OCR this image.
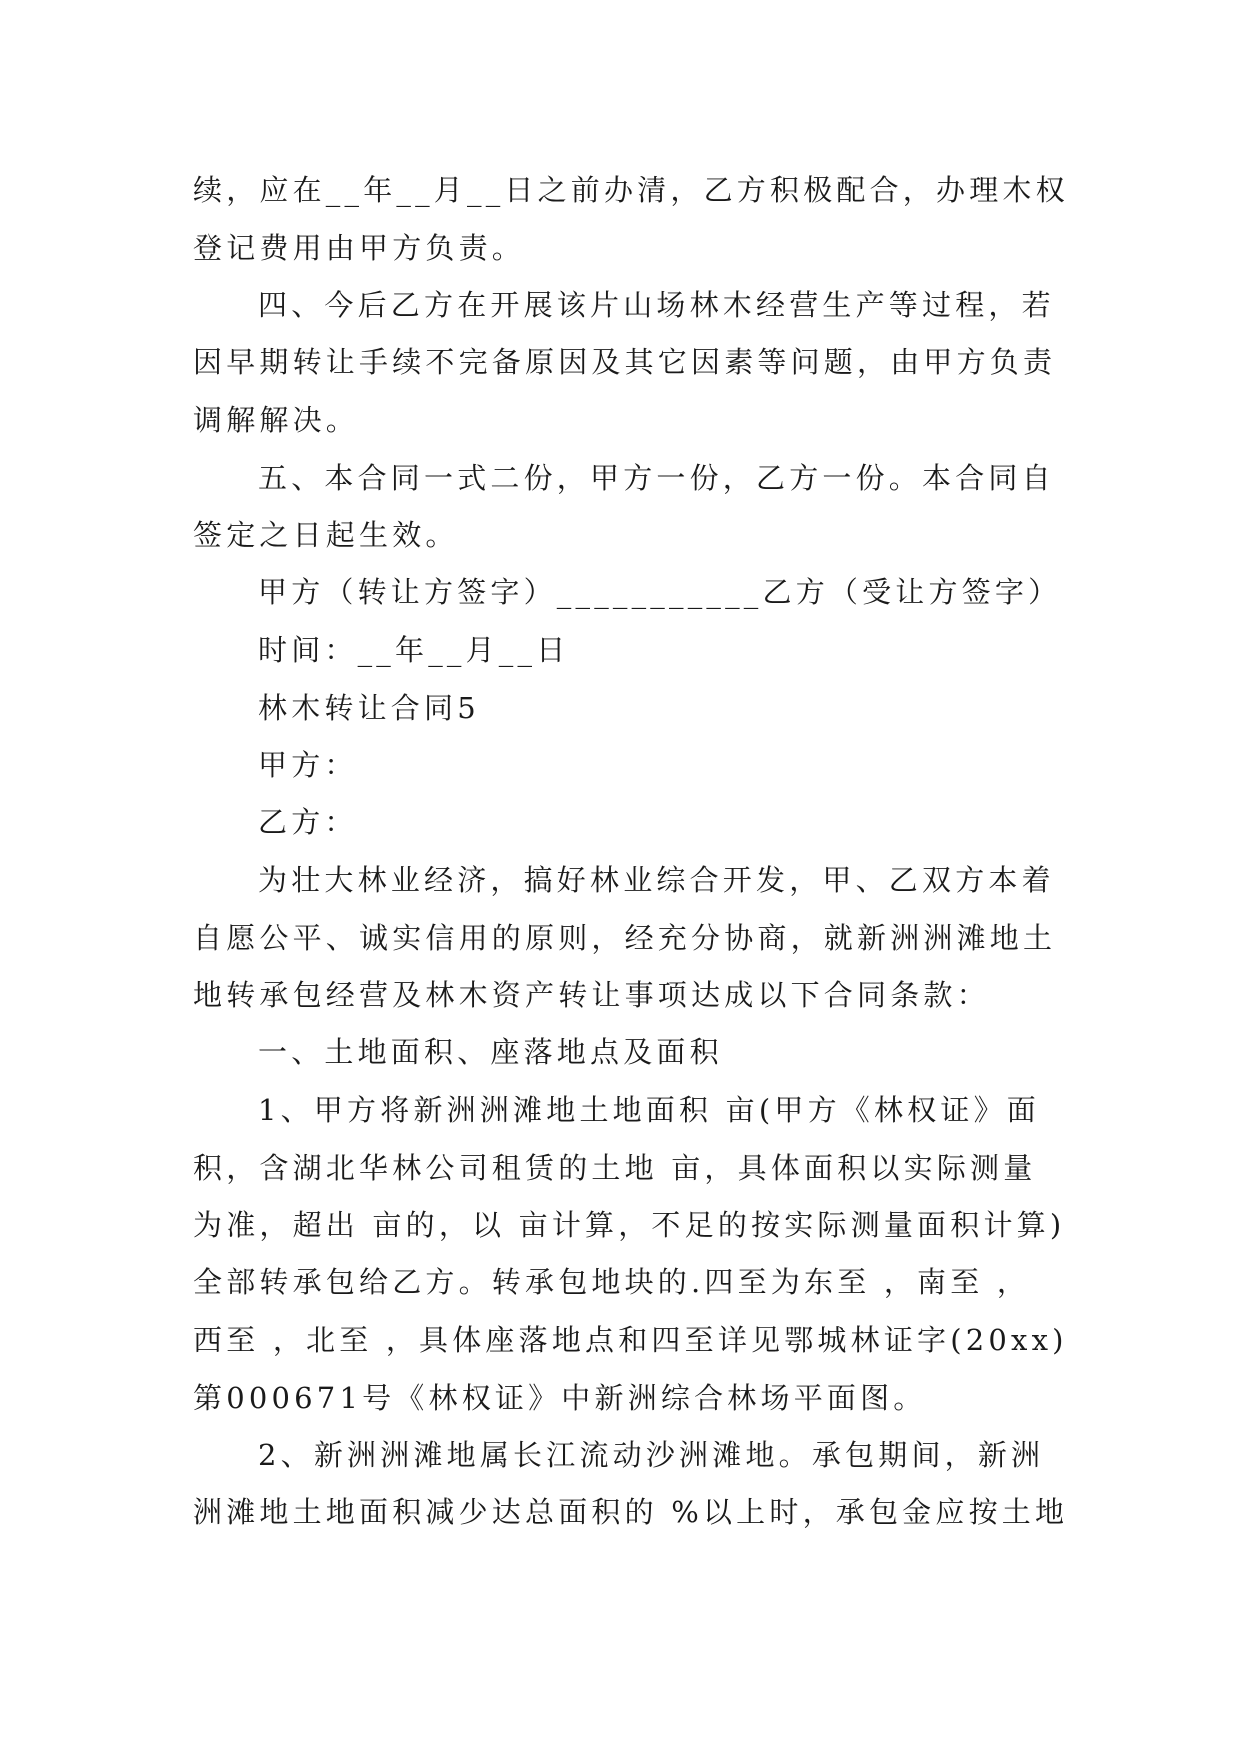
续，应在__年__月__日之前办清，乙方积极配合，办理木权

登记费用由甲方负责。

四、今后乙方在开展该片山场林木经营生产等过程，若

因早期转让手续不完备原因及其它因素等问题，由甲方负责

调解解决。

五、本合同一式二份，甲方一份，乙方一份。本合同自

签定之日起生效。

甲方（转让方签字）___________乙方（受让方签字）

时间：__年__月__日

林木转让合同5

甲方：

乙方：

为壮大林业经济，搞好林业综合开发，甲、乙双方本着

自愿公平、诚实信用的原则，经充分协商，就新洲洲滩地土

地转承包经营及林木资产转让事项达成以下合同条款：

一、土地面积、座落地点及面积

1、甲方将新洲洲滩地土地面积 亩(甲方《林权证》面

积，含湖北华林公司租赁的土地 亩，具体面积以实际测量

为准，超出 亩的，以 亩计算，不足的按实际测量面积计算)

全部转承包给乙方。转承包地块的.四至为东至 ，南至 ，

西至 ，北至 ，具体座落地点和四至详见鄂城林证字(20xx)

第000671号《林权证》中新洲综合林场平面图。

2、新洲洲滩地属长江流动沙洲滩地。承包期间，新洲

洲滩地土地面积减少达总面积的 %以上时，承包金应按土地
